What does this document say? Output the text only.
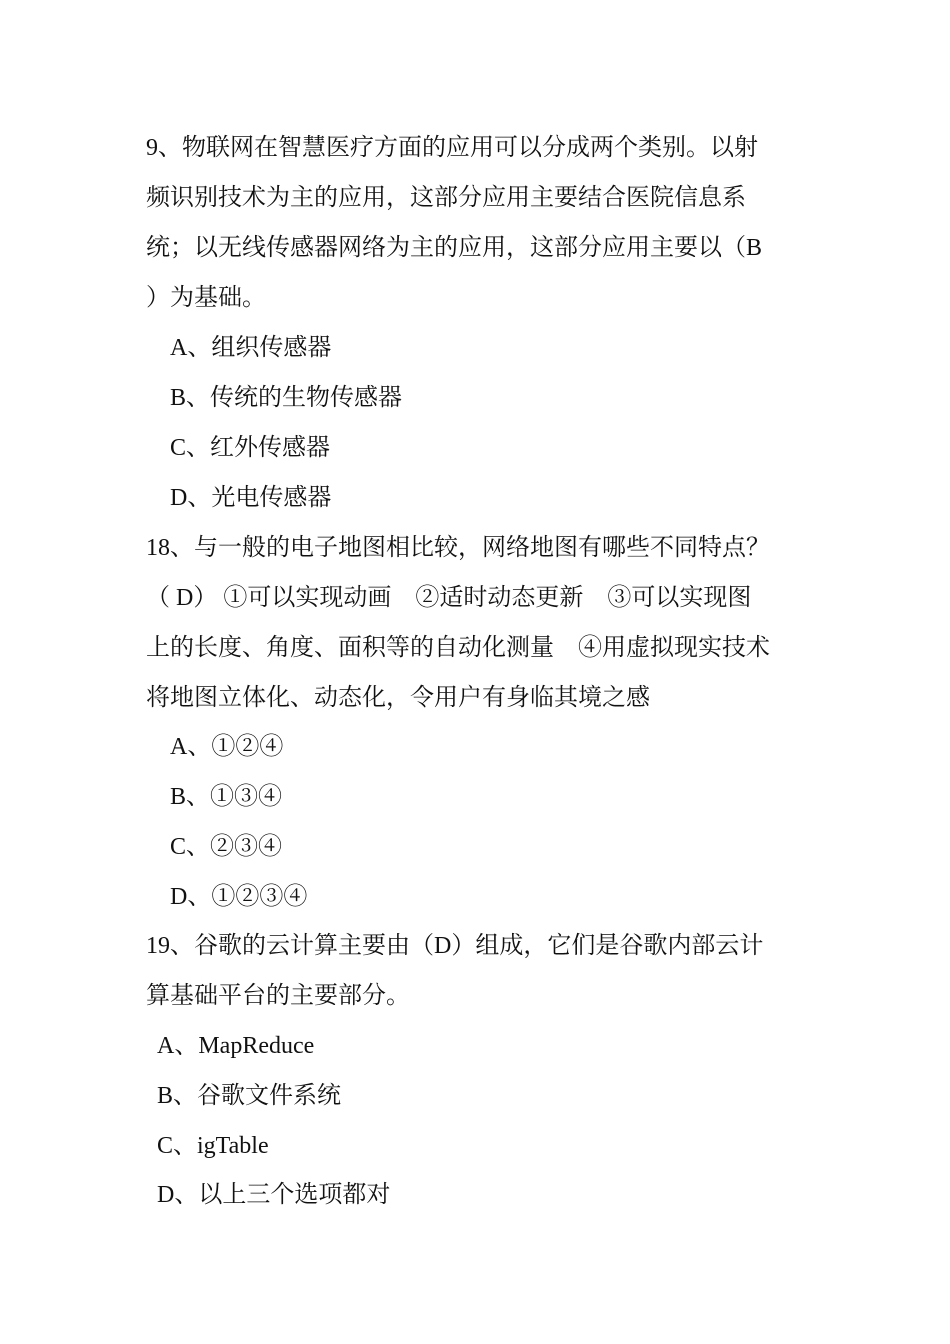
9、物联网在智慧医疗方面的应用可以分成两个类别。以射
频识别技术为主的应用，这部分应用主要结合医院信息系
统；以无线传感器网络为主的应用，这部分应用主要以（B
）为基础。
A、组织传感器
B、传统的生物传感器
C、红外传感器
D、光电传感器
18、与一般的电子地图相比较，网络地图有哪些不同特点？
（ D） ①可以实现动画　②适时动态更新　③可以实现图
上的长度、角度、面积等的自动化测量　④用虚拟现实技术
将地图立体化、动态化，令用户有身临其境之感
A、①②④
B、①③④
C、②③④
D、①②③④
19、谷歌的云计算主要由（D）组成，它们是谷歌内部云计
算基础平台的主要部分。
A、MapReduce
B、谷歌文件系统
C、igTable
D、以上三个选项都对
